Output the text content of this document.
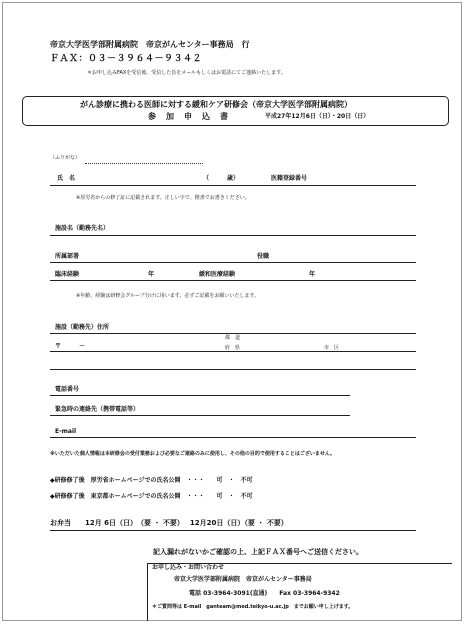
帝京大学医学部附属病院　帝京がんセンター事務局　行
ＦＡＸ：０３－３９６４－９３４２
＊お申し込みFAXを受信後、受信した旨をメールもしくはお電話にてご連絡いたします。
がん診療に携わる医師に対する緩和ケア研修会（帝京大学医学部附属病院）
参　加　申　込　書	平成27年12月6日（日）・20日（日）
（ふりがな）
氏　名	（　　　歳）	医籍登録番号
※厚労省からの修了証に記載されます。正しい字で、楷書でお書きください。
施設名（勤務先名）
所属部署	役職
臨床経験	年	緩和医療経験	年
※年齢、経験は研修会グループ分けに用います。必ずご記載をお願いいたします。
施設（勤務先）住所
〒　　　－
都　道
府　県	市　区
電話番号
緊急時の連絡先（携帯電話等）
E-mail
※いただいた個人情報は本研修会の受付業務および必要なご連絡のみに使用し、その他の目的で使用することはございません。
◆研修修了後　厚労省ホームページでの氏名公開　・・・　　可　・　不可
◆研修修了後　東京都ホームページでの氏名公開　・・・　　可　・　不可
お弁当　　12月 6日（日）　（要 ・ 不要）　 12月20日（日）（要 ・ 不要）
記入漏れがないかご確認の上、上記ＦＡＸ番号へご送信ください。
お申し込み・お問い合わせ
帝京大学医学部附属病院　帝京がんセンター事務局
電話 03-3964-3091(直通)　　Fax 03-3964-9342
＊ご質問等は E-mail　ganteam@med.teikyo-u.ac.jp　までお願い申し上げます。
